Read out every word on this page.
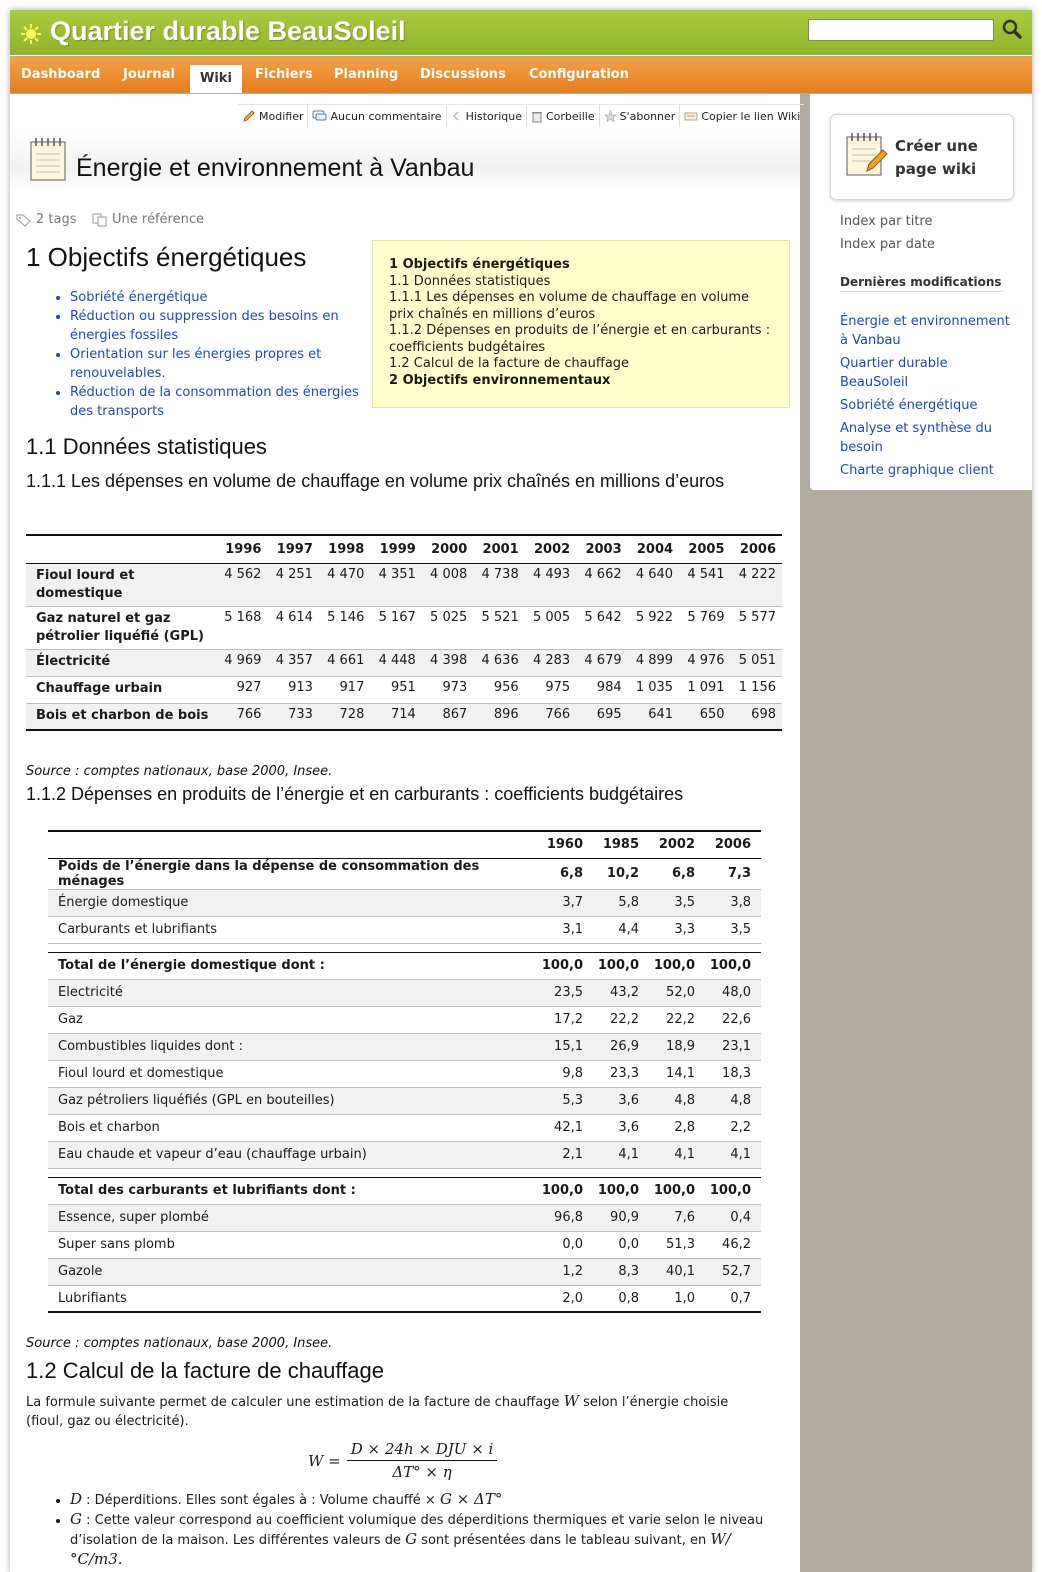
Quartier durable BeauSoleil
Dashboard Journal	Wiki	Fichiers Planning Discussions Configuration
Modifier Aucun commentaire Historique Corbeille S'abonner Copier le lien Wiki
Énergie et environnement à Vanbau
2 tags	Une référence
1 Objectifs énergétiques
• Sobriété énergétique
• Réduction ou suppression des besoins en énergies fossiles
• Orientation sur les énergies propres et renouvelables.
• Réduction de la consommation des énergies des transports
1 Objectifs énergétiques
1.1 Données statistiques
1.1.1 Les dépenses en volume de chauffage en volume prix chaînés en millions d’euros
1.1.2 Dépenses en produits de l’énergie et en carburants : coefficients budgétaires
1.2 Calcul de la facture de chauffage
2 Objectifs environnementaux
1.1 Données statistiques
1.1.1 Les dépenses en volume de chauffage en volume prix chaînés en millions d’euros
	1996	1997	1998	1999	2000	2001	2002	2003	2004	2005	2006
Fioul lourd et domestique	4 562	4 251	4 470	4 351	4 008	4 738	4 493	4 662	4 640	4 541	4 222
Gaz naturel et gaz pétrolier liquéfié (GPL)	5 168	4 614	5 146	5 167	5 025	5 521	5 005	5 642	5 922	5 769	5 577
Électricité	4 969	4 357	4 661	4 448	4 398	4 636	4 283	4 679	4 899	4 976	5 051
Chauffage urbain	927	913	917	951	973	956	975	984	1 035	1 091	1 156
Bois et charbon de bois	766	733	728	714	867	896	766	695	641	650	698
Source : comptes nationaux, base 2000, Insee.
1.1.2 Dépenses en produits de l’énergie et en carburants : coefficients budgétaires
	1960	1985	2002	2006
Poids de l’énergie dans la dépense de consommation des ménages	6,8	10,2	6,8	7,3
Énergie domestique	3,7	5,8	3,5	3,8
Carburants et lubrifiants	3,1	4,4	3,3	3,5

Total de l’énergie domestique dont :	100,0	100,0	100,0	100,0
Electricité	23,5	43,2	52,0	48,0
Gaz	17,2	22,2	22,2	22,6
Combustibles liquides dont :	15,1	26,9	18,9	23,1
Fioul lourd et domestique	9,8	23,3	14,1	18,3
Gaz pétroliers liquéfiés (GPL en bouteilles)	5,3	3,6	4,8	4,8
Bois et charbon	42,1	3,6	2,8	2,2
Eau chaude et vapeur d’eau (chauffage urbain)	2,1	4,1	4,1	4,1

Total des carburants et lubrifiants dont :	100,0	100,0	100,0	100,0
Essence, super plombé	96,8	90,9	7,6	0,4
Super sans plomb	0,0	0,0	51,3	46,2
Gazole	1,2	8,3	40,1	52,7
Lubrifiants	2,0	0,8	1,0	0,7
Source : comptes nationaux, base 2000, Insee.
1.2 Calcul de la facture de chauffage
La formule suivante permet de calculer une estimation de la facture de chauffage W selon l’énergie choisie (fioul, gaz ou électricité).
$W = \frac{\text{D × 24h × DJU × i}}{\Delta T^\circ \times \eta}$
• D : Déperditions. Elles sont égales à : Volume chauffé × G × ΔT°
• G : Cette valeur correspond au coefficient volumique des déperditions thermiques et varie selon le niveau d’isolation de la maison. Les différentes valeurs de G sont présentées dans le tableau suivant, en W/°C/m3.
Créer une page wiki
Index par titre
Index par date
Dernières modifications
Énergie et environnement à Vanbau
Quartier durable BeauSoleil
Sobriété énergétique
Analyse et synthèse du besoin
Charte graphique client
